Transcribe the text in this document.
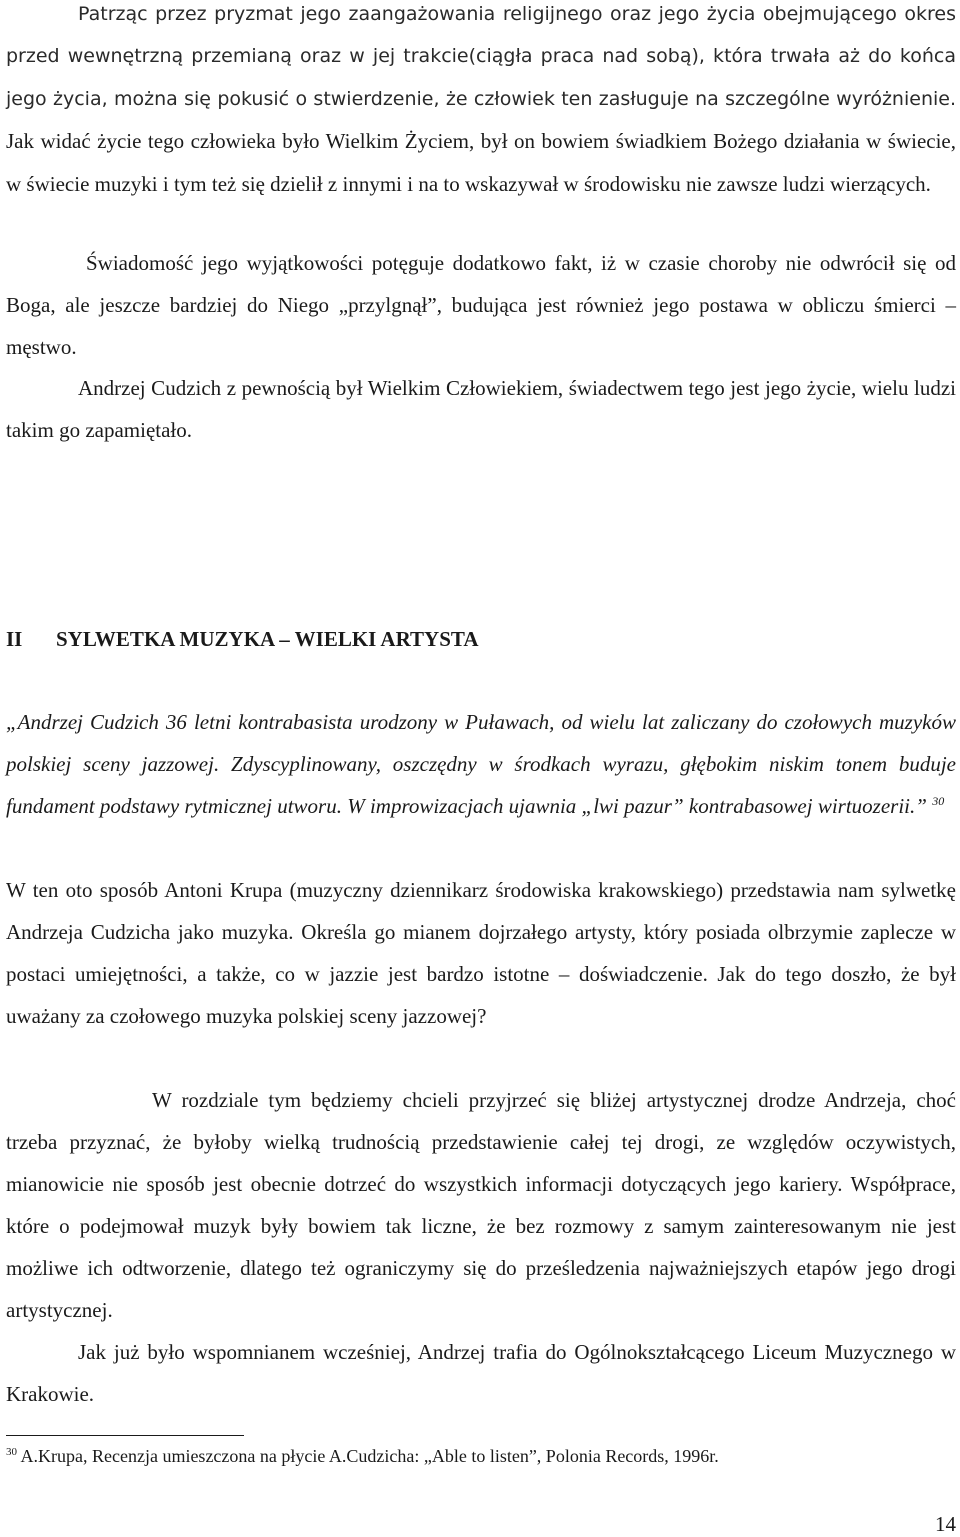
Patrząc przez pryzmat jego zaangażowania religijnego oraz jego życia obejmującego okres przed wewnętrzną przemianą oraz w jej trakcie(ciągła praca nad sobą), która trwała aż do końca jego życia, można się pokusić o stwierdzenie, że człowiek ten zasługuje na szczególne wyróżnienie. Jak widać życie tego człowieka było Wielkim Życiem, był on bowiem świadkiem Bożego działania w świecie, w świecie muzyki i tym też się dzielił z innymi i na to wskazywał w środowisku nie zawsze ludzi wierzących.

Świadomość jego wyjątkowości potęguje dodatkowo fakt, iż w czasie choroby nie odwrócił się od Boga, ale jeszcze bardziej do Niego „przylgnął”, budująca jest również jego postawa w obliczu śmierci – męstwo.

Andrzej Cudzich z pewnością był Wielkim Człowiekiem, świadectwem tego jest jego życie, wielu ludzi takim go zapamiętało.

II SYLWETKA MUZYKA – WIELKI ARTYSTA

„Andrzej Cudzich 36 letni kontrabasista urodzony w Puławach, od wielu lat zaliczany do czołowych muzyków polskiej sceny jazzowej. Zdyscyplinowany, oszczędny w środkach wyrazu, głębokim niskim tonem buduje fundament podstawy rytmicznej utworu. W improwizacjach ujawnia „lwi pazur” kontrabasowej wirtuozerii.” $^{30}$

W ten oto sposób Antoni Krupa (muzyczny dziennikarz środowiska krakowskiego) przedstawia nam sylwetkę Andrzeja Cudzicha jako muzyka. Określa go mianem dojrzałego artysty, który posiada olbrzymie zaplecze w postaci umiejętności, a także, co w jazzie jest bardzo istotne – doświadczenie. Jak do tego doszło, że był uważany za czołowego muzyka polskiej sceny jazzowej?

W rozdziale tym będziemy chcieli przyjrzeć się bliżej artystycznej drodze Andrzeja, choć trzeba przyznać, że byłoby wielką trudnością przedstawienie całej tej drogi, ze względów oczywistych, mianowicie nie sposób jest obecnie dotrzeć do wszystkich informacji dotyczących jego kariery. Współprace, które o podejmował muzyk były bowiem tak liczne, że bez rozmowy z samym zainteresowanym nie jest możliwe ich odtworzenie, dlatego też ograniczymy się do prześledzenia najważniejszych etapów jego drogi artystycznej.

Jak już było wspomnianem wcześniej, Andrzej trafia do Ogólnokształcącego Liceum Muzycznego w Krakowie.

$^{30}$ A.Krupa, Recenzja umieszczona na płycie A.Cudzicha: „Able to listen”, Polonia Records, 1996r.
14
